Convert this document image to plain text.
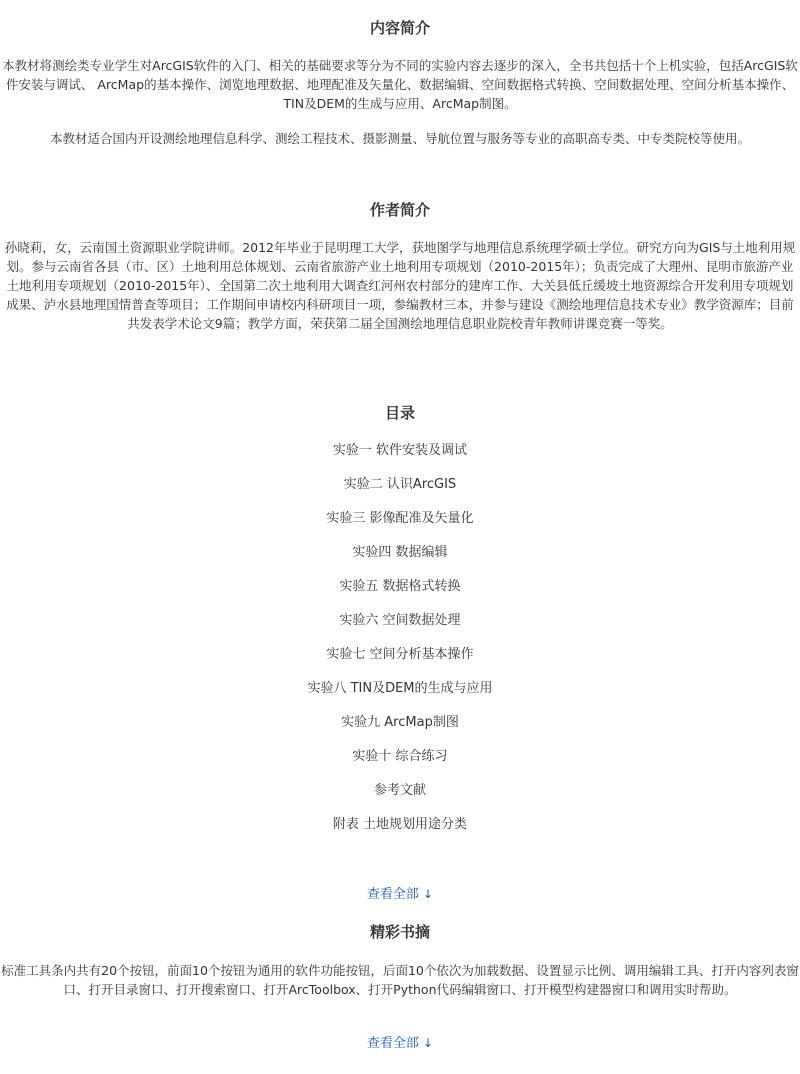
内容简介

本教材将测绘类专业学生对ArcGIS软件的入门、相关的基础要求等分为不同的实验内容去逐步的深入，全书共包括十个上机实验，包括ArcGIS软件安装与调试、 ArcMap的基本操作、浏览地理数据、地理配准及矢量化、数据编辑、空间数据格式转换、空间数据处理、空间分析基本操作、TIN及DEM的生成与应用、ArcMap制图。

本教材适合国内开设测绘地理信息科学、测绘工程技术、摄影测量、导航位置与服务等专业的高职高专类、中专类院校等使用。

作者简介

孙晓莉，女，云南国土资源职业学院讲师。2012年毕业于昆明理工大学，获地图学与地理信息系统理学硕士学位。研究方向为GIS与土地利用规划。参与云南省各县（市、区）土地利用总体规划、云南省旅游产业土地利用专项规划（2010-2015年）；负责完成了大理州、昆明市旅游产业土地利用专项规划（2010-2015年）、全国第二次土地利用大调查红河州农村部分的建库工作、大关县低丘缓坡土地资源综合开发利用专项规划成果、泸水县地理国情普查等项目；工作期间申请校内科研项目一项，参编教材三本，并参与建设《测绘地理信息技术专业》教学资源库；目前共发表学术论文9篇；教学方面，荣获第二届全国测绘地理信息职业院校青年教师讲课竞赛一等奖。

目录
实验一 软件安装及调试
实验二 认识ArcGIS
实验三 影像配准及矢量化
实验四 数据编辑
实验五 数据格式转换
实验六 空间数据处理
实验七 空间分析基本操作
实验八 TIN及DEM的生成与应用
实验九 ArcMap制图
实验十 综合练习
参考文献
附表 土地规划用途分类
查看全部 ↓
精彩书摘

标准工具条内共有20个按钮，前面10个按钮为通用的软件功能按钮，后面10个依次为加载数据、设置显示比例、调用编辑工具、打开内容列表窗口、打开目录窗口、打开搜索窗口、打开ArcToolbox、打开Python代码编辑窗口、打开模型构建器窗口和调用实时帮助。

查看全部 ↓
